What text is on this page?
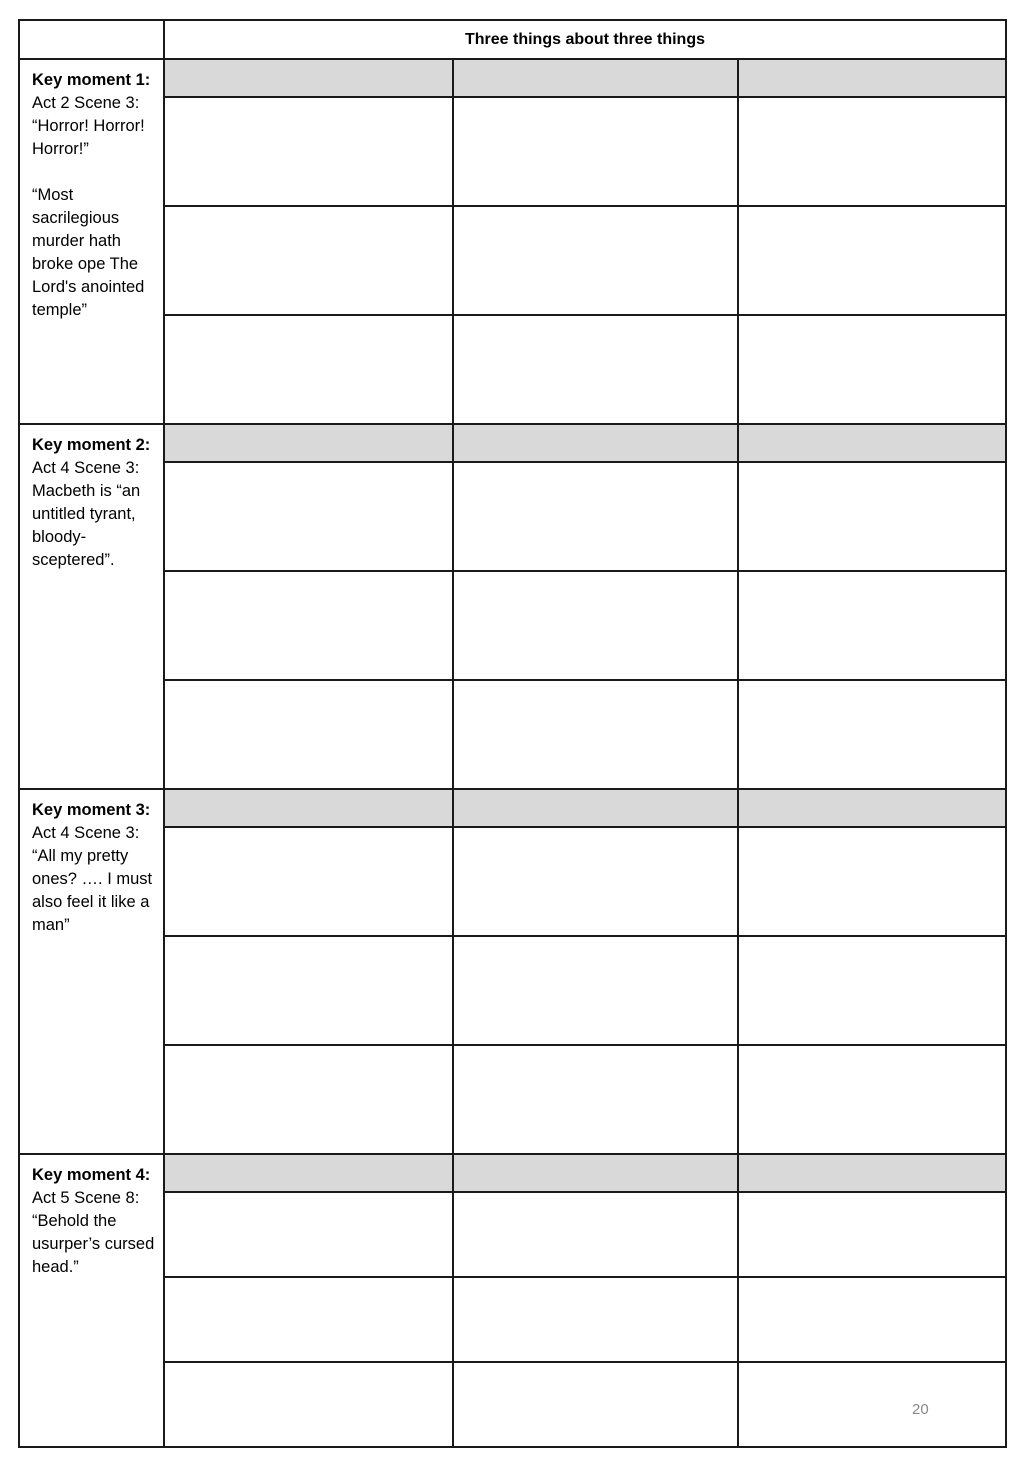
	Three things about three things		
Key moment 1: Act 2 Scene 3: “Horror! Horror! Horror!”
“Most sacrilegious murder hath broke ope The Lord's anointed temple”			

Key moment 2: Act 4 Scene 3: Macbeth is “an untitled tyrant, bloody-sceptered”.			

Key moment 3: Act 4 Scene 3: “All my pretty ones? …. I must also feel it like a man”			

Key moment 4: Act 5 Scene 8: “Behold the usurper’s cursed head.”			

20
